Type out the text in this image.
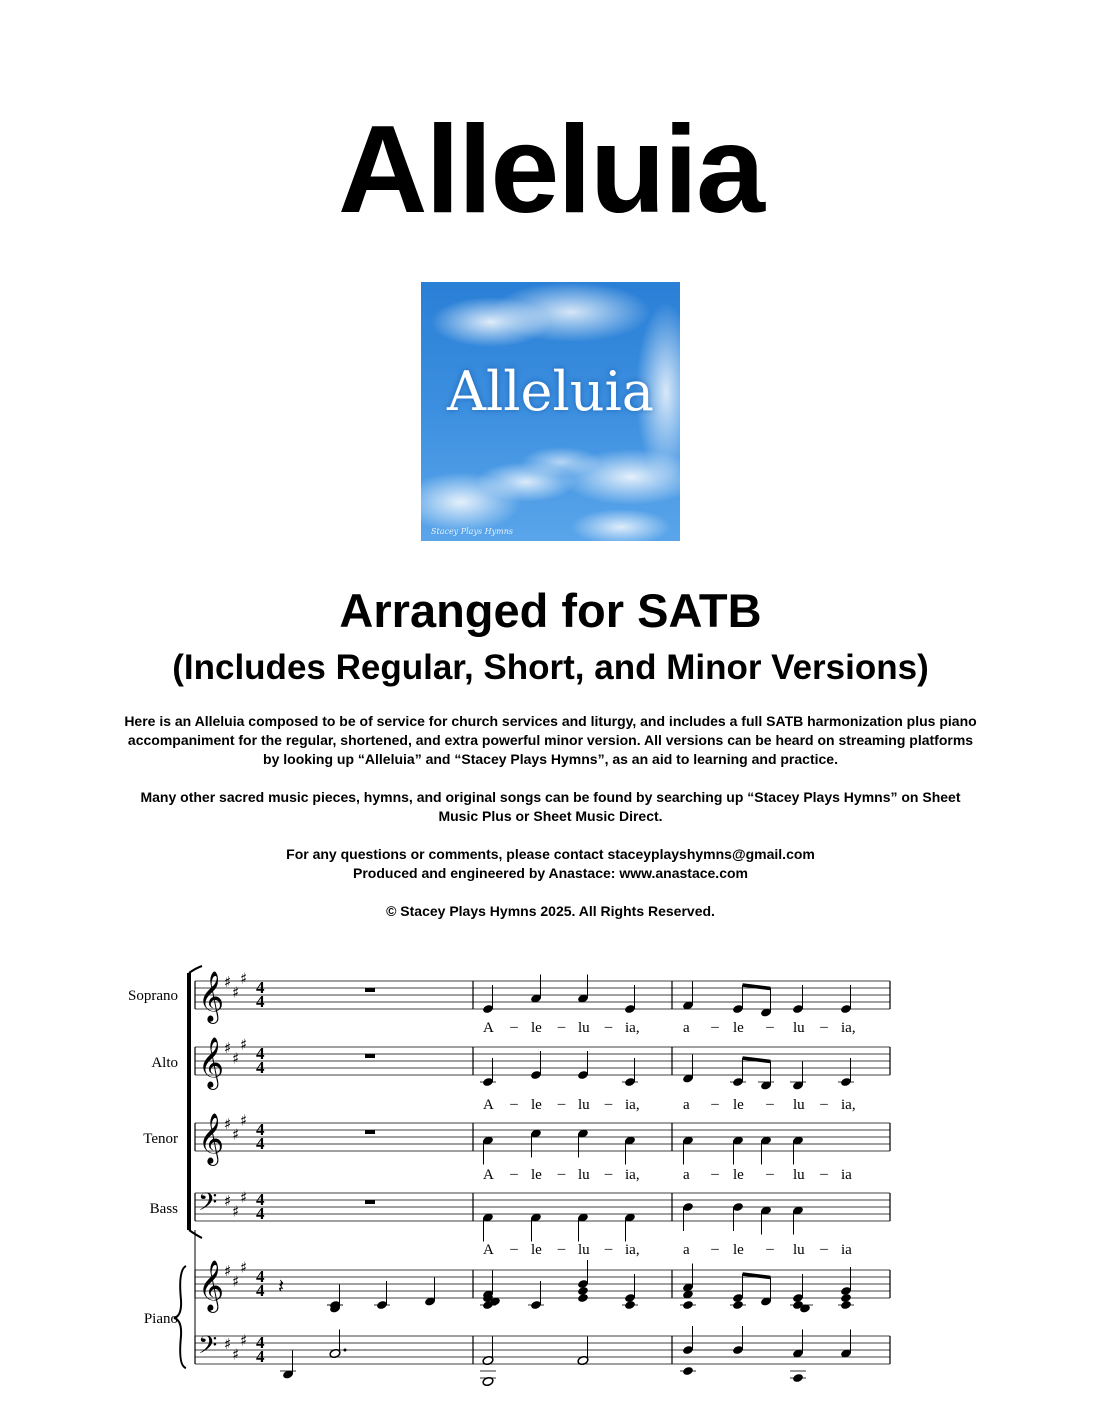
Alleluia
Alleluia
Stacey Plays Hymns
Arranged for SATB
(Includes Regular, Short, and Minor Versions)
Here is an Alleluia composed to be of service for church services and liturgy, and includes a full SATB harmonization plus piano accompaniment for the regular, shortened, and extra powerful minor version. All versions can be heard on streaming platforms by looking up “Alleluia” and “Stacey Plays Hymns”, as an aid to learning and practice.
Many other sacred music pieces, hymns, and original songs can be found by searching up “Stacey Plays Hymns” on Sheet Music Plus or Sheet Music Direct.
For any questions or comments, please contact staceyplayshymns@gmail.com
Produced and engineered by Anastace: www.anastace.com
© Stacey Plays Hymns 2025. All Rights Reserved.
𝄞 ♯
♯
♯ 4
4
𝄞 ♯
♯
♯ 4
4
𝄞 ♯
♯
♯ 4
4
𝄢 ♯
♯
♯ 4
4
𝄞 ♯
♯
♯ 4
4
𝄢 ♯
♯
♯ 4
4
𝄽
Soprano
Alto
Tenor
Bass
Piano
A – le – lu – ia,	a – le – lu – ia,
A – le – lu – ia,	a – le – lu – ia,
A – le – lu – ia,	a – le – lu – ia
A – le – lu – ia,	a – le – lu – ia
